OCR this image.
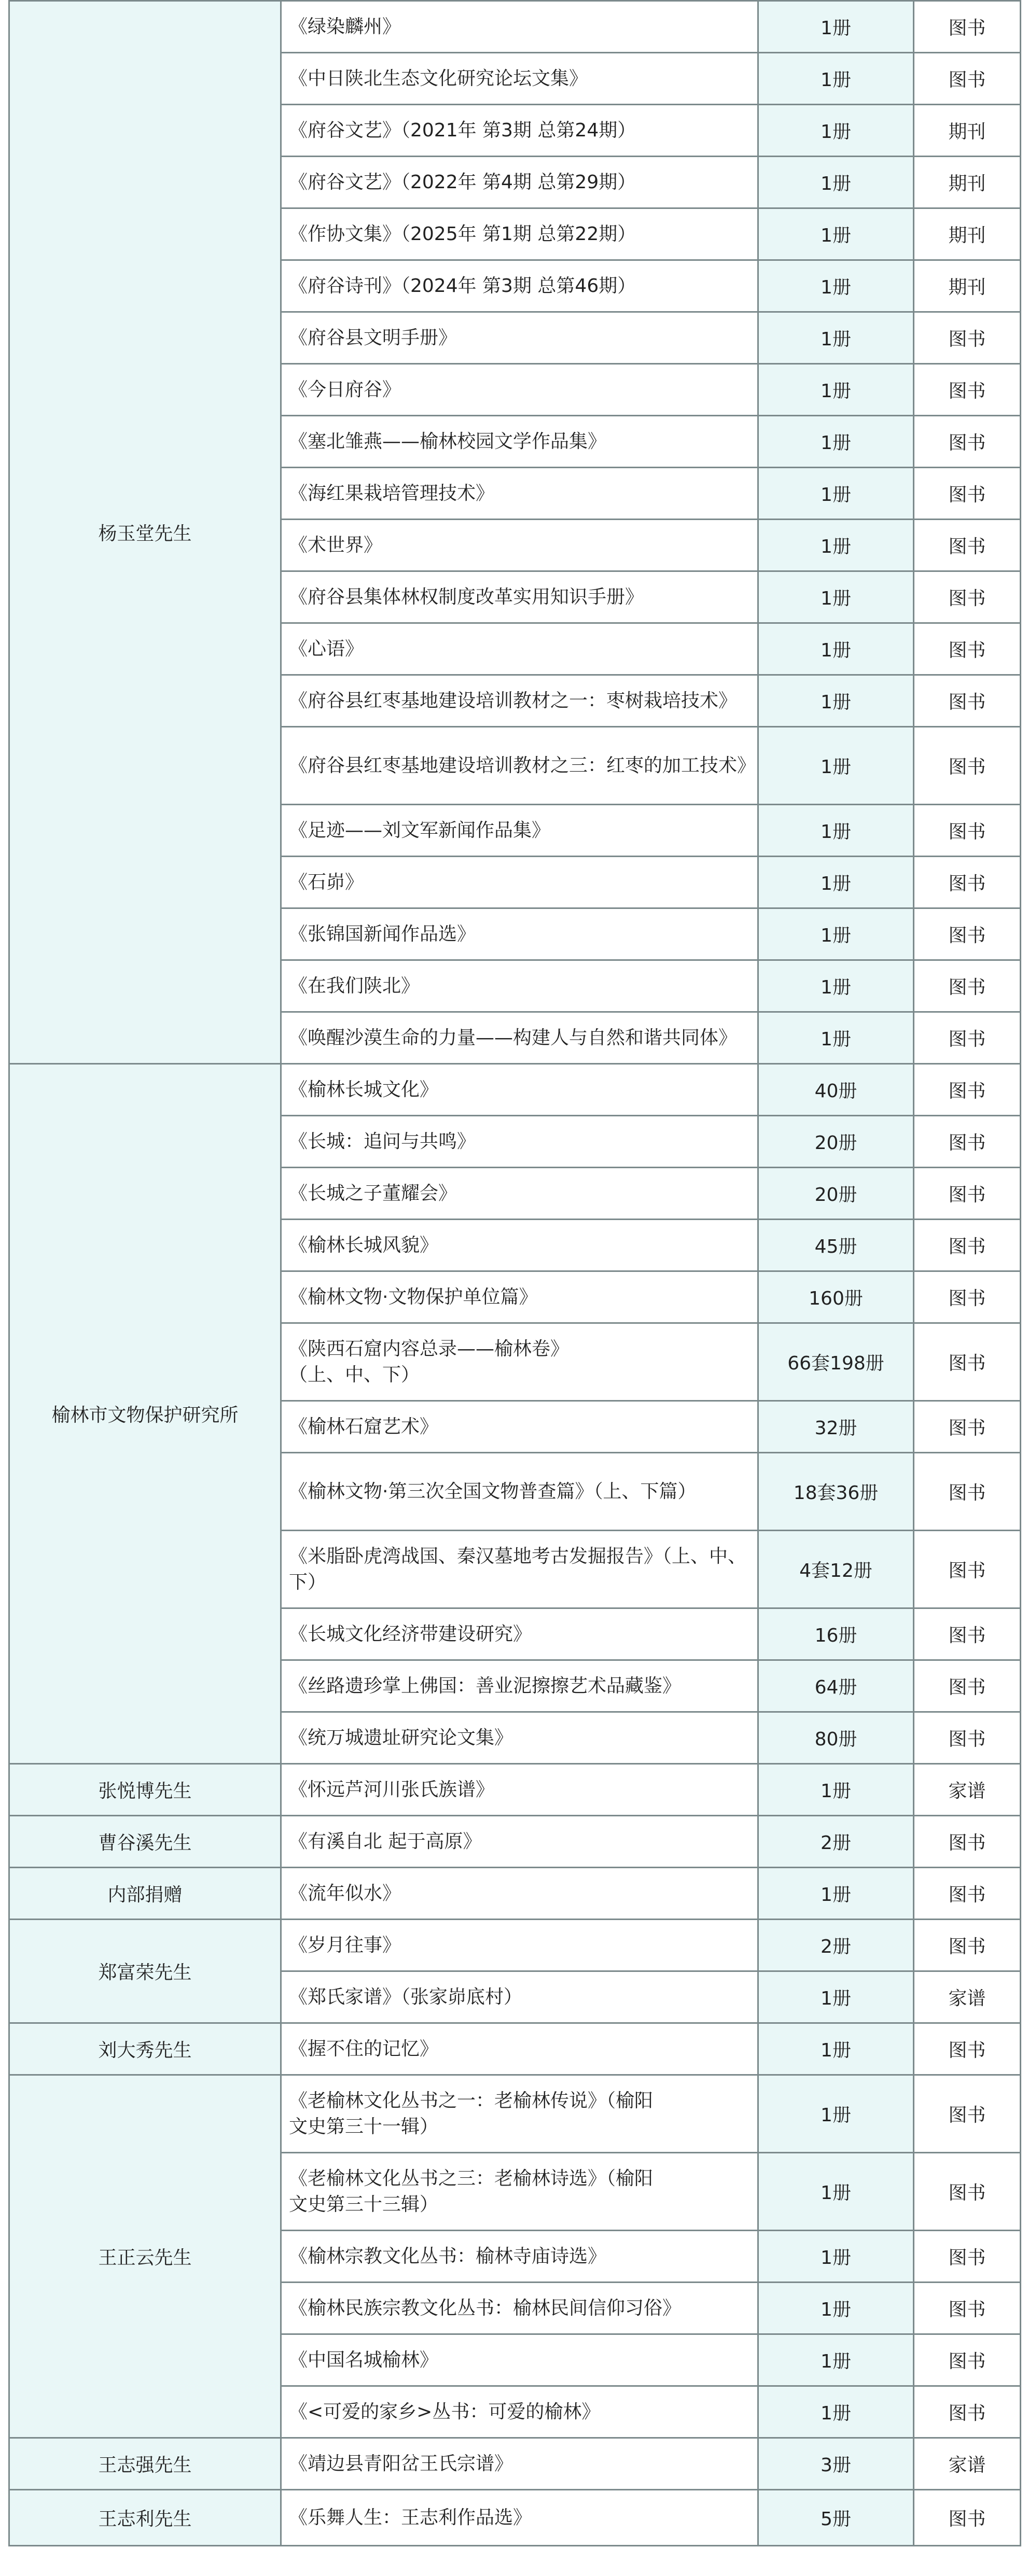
杨玉堂先生	《绿染麟州》	1册	图书
	《中日陕北生态文化研究论坛文集》	1册	图书
	《府谷文艺》（2021年 第3期 总第24期）	1册	期刊
	《府谷文艺》（2022年 第4期 总第29期）	1册	期刊
	《作协文集》（2025年 第1期 总第22期）	1册	期刊
	《府谷诗刊》（2024年 第3期 总第46期）	1册	期刊
	《府谷县文明手册》	1册	图书
	《今日府谷》	1册	图书
	《塞北雏燕——榆林校园文学作品集》	1册	图书
	《海红果栽培管理技术》	1册	图书
	《术世界》	1册	图书
	《府谷县集体林权制度改革实用知识手册》	1册	图书
	《心语》	1册	图书
	《府谷县红枣基地建设培训教材之一：枣树栽培技术》	1册	图书
	《府谷县红枣基地建设培训教材之三：红枣的加工技术》	1册	图书
	《足迹——刘文军新闻作品集》	1册	图书
	《石峁》	1册	图书
	《张锦国新闻作品选》	1册	图书
	《在我们陕北》	1册	图书
	《唤醒沙漠生命的力量——构建人与自然和谐共同体》	1册	图书
榆林市文物保护研究所	《榆林长城文化》	40册	图书
	《长城：追问与共鸣》	20册	图书
	《长城之子董耀会》	20册	图书
	《榆林长城风貌》	45册	图书
	《榆林文物·文物保护单位篇》	160册	图书
	《陕西石窟内容总录——榆林卷》
（上、中、下）	66套198册	图书
	《榆林石窟艺术》	32册	图书
	《榆林文物·第三次全国文物普查篇》（上、下篇）	18套36册	图书
	《米脂卧虎湾战国、秦汉墓地考古发掘报告》（上、中、下）	4套12册	图书
	《长城文化经济带建设研究》	16册	图书
	《丝路遗珍掌上佛国：善业泥擦擦艺术品藏鉴》	64册	图书
	《统万城遗址研究论文集》	80册	图书
张悦博先生	《怀远芦河川张氏族谱》	1册	家谱
曹谷溪先生	《有溪自北 起于高原》	2册	图书
内部捐赠	《流年似水》	1册	图书
郑富荣先生	《岁月往事》	2册	图书
	《郑氏家谱》（张家峁底村）	1册	家谱
刘大秀先生	《握不住的记忆》	1册	图书
王正云先生	《老榆林文化丛书之一：老榆林传说》（榆阳
文史第三十一辑）	1册	图书
	《老榆林文化丛书之三：老榆林诗选》（榆阳
文史第三十三辑）	1册	图书
	《榆林宗教文化丛书：榆林寺庙诗选》	1册	图书
	《榆林民族宗教文化丛书：榆林民间信仰习俗》	1册	图书
	《中国名城榆林》	1册	图书
	《<可爱的家乡>丛书：可爱的榆林》	1册	图书
王志强先生	《靖边县青阳岔王氏宗谱》	3册	家谱
王志利先生	《乐舞人生：王志利作品选》	5册	图书
